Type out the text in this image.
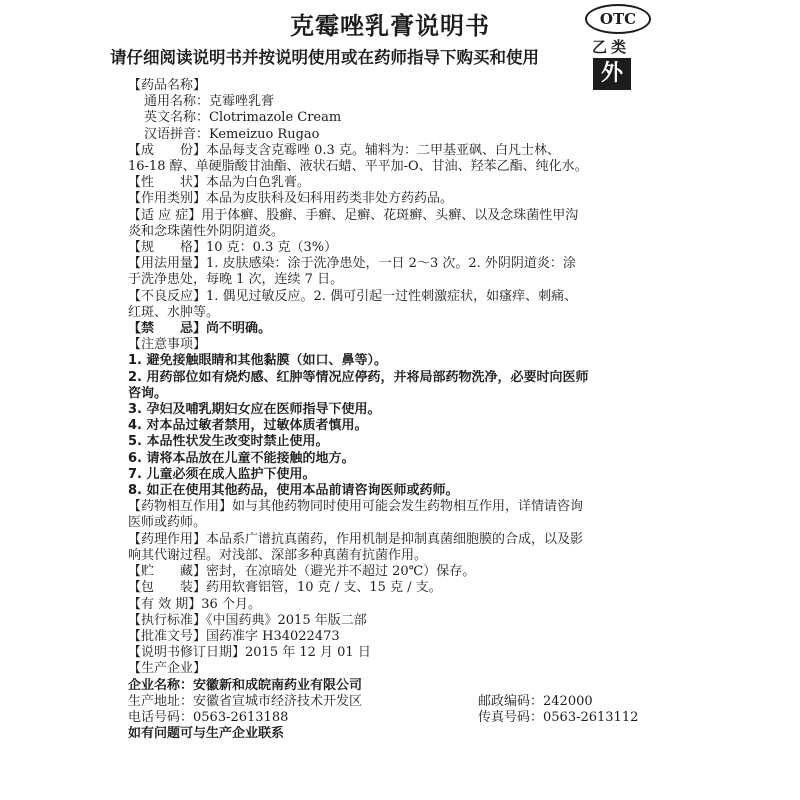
克霉唑乳膏说明书
请仔细阅读说明书并按说明使用或在药师指导下购买和使用
OTC
乙类
外
【药品名称】
通用名称：克霉唑乳膏
英文名称：Clotrimazole Cream
汉语拼音：Kemeizuo Rugao
【成　　份】本品每支含克霉唑 0.3 克。辅料为：二甲基亚砜、白凡士林、
16-18 醇、单硬脂酸甘油酯、液状石蜡、平平加-O、甘油、羟苯乙酯、纯化水。
【性　　状】本品为白色乳膏。
【作用类别】本品为皮肤科及妇科用药类非处方药药品。
【适 应 症】用于体癣、股癣、手癣、足癣、花斑癣、头癣、以及念珠菌性甲沟
炎和念珠菌性外阴阴道炎。
【规　　格】10 克：0.3 克（3%）
【用法用量】1. 皮肤感染：涂于洗净患处，一日 2～3 次。2. 外阴阴道炎：涂
于洗净患处，每晚 1 次，连续 7 日。
【不良反应】1. 偶见过敏反应。2. 偶可引起一过性刺激症状，如瘙痒、刺痛、
红斑、水肿等。
【禁　　忌】尚不明确。
【注意事项】
1. 避免接触眼睛和其他黏膜（如口、鼻等）。
2. 用药部位如有烧灼感、红肿等情况应停药，并将局部药物洗净，必要时向医师
咨询。
3. 孕妇及哺乳期妇女应在医师指导下使用。
4. 对本品过敏者禁用，过敏体质者慎用。
5. 本品性状发生改变时禁止使用。
6. 请将本品放在儿童不能接触的地方。
7. 儿童必须在成人监护下使用。
8. 如正在使用其他药品，使用本品前请咨询医师或药师。
【药物相互作用】如与其他药物同时使用可能会发生药物相互作用，详情请咨询
医师或药师。
【药理作用】本品系广谱抗真菌药，作用机制是抑制真菌细胞膜的合成，以及影
响其代谢过程。对浅部、深部多种真菌有抗菌作用。
【贮　　藏】密封，在凉暗处（避光并不超过 20℃）保存。
【包　　装】药用软膏铝管，10 克 / 支、15 克 / 支。
【有 效 期】36 个月。
【执行标准】《中国药典》2015 年版二部
【批准文号】国药准字 H34022473
【说明书修订日期】2015 年 12 月 01 日
【生产企业】
企业名称：安徽新和成皖南药业有限公司
生产地址：安徽省宣城市经济技术开发区	邮政编码：242000
电话号码：0563-2613188	传真号码：0563-2613112
如有问题可与生产企业联系
